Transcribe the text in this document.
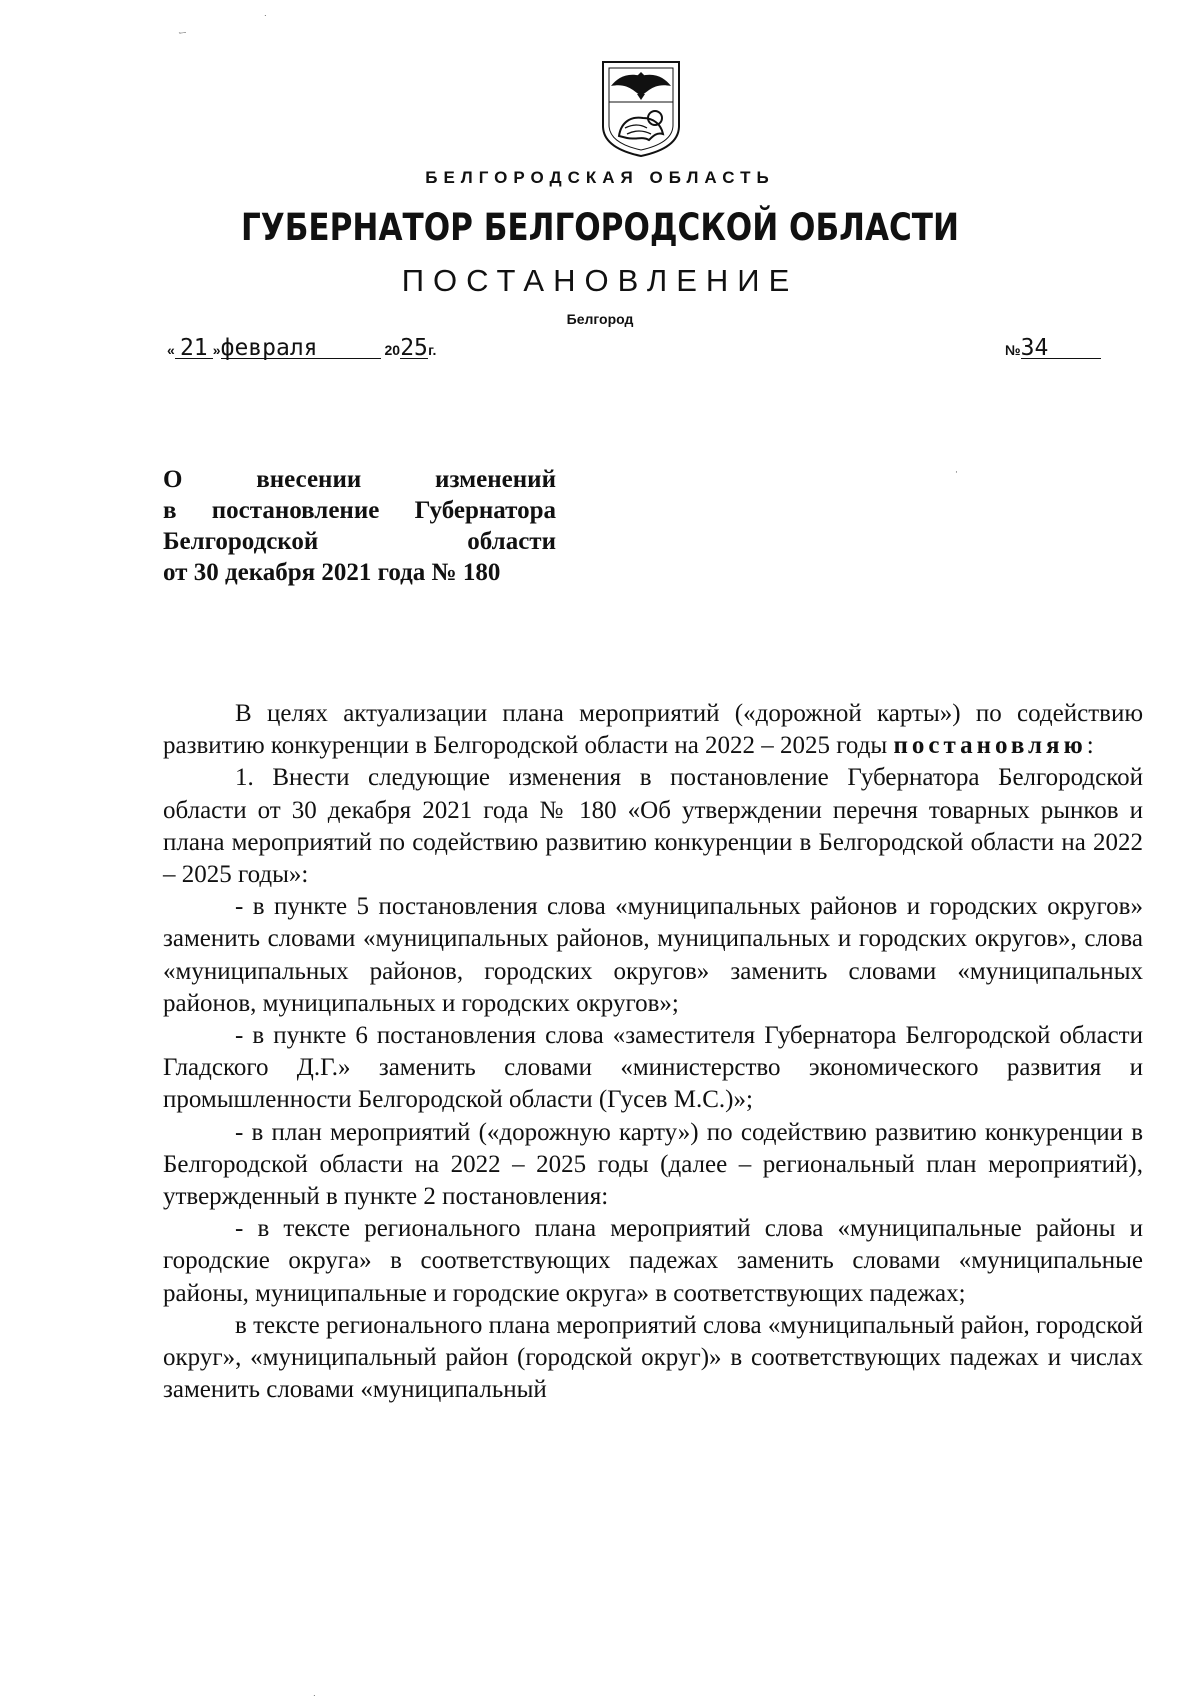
БЕЛГОРОДСКАЯ ОБЛАСТЬ
ГУБЕРНАТОР БЕЛГОРОДСКОЙ ОБЛАСТИ
ПОСТАНОВЛЕНИЕ
Белгород
« 21 »февраля	2025г.	№34
О внесении изменений
в постановление Губернатора
Белгородской области
от 30 декабря 2021 года № 180

В целях актуализации плана мероприятий («дорожной карты») по содействию развитию конкуренции в Белгородской области на 2022 – 2025 годы постановляю:

1. Внести следующие изменения в постановление Губернатора Белгородской области от 30 декабря 2021 года № 180 «Об утверждении перечня товарных рынков и плана мероприятий по содействию развитию конкуренции в Белгородской области на 2022 – 2025 годы»:

- в пункте 5 постановления слова «муниципальных районов и городских округов» заменить словами «муниципальных районов, муниципальных и городских округов», слова «муниципальных районов, городских округов» заменить словами «муниципальных районов, муниципальных и городских округов»;

- в пункте 6 постановления слова «заместителя Губернатора Белгородской области Гладского Д.Г.» заменить словами «министерство экономического развития и промышленности Белгородской области (Гусев М.С.)»;

- в план мероприятий («дорожную карту») по содействию развитию конкуренции в Белгородской области на 2022 – 2025 годы (далее – региональный план мероприятий), утвержденный в пункте 2 постановления:

- в тексте регионального плана мероприятий слова «муниципальные районы и городские округа» в соответствующих падежах заменить словами «муниципальные районы, муниципальные и городские округа» в соответствующих падежах;

в тексте регионального плана мероприятий слова «муниципальный район, городской округ», «муниципальный район (городской округ)» в соответствующих падежах и числах заменить словами «муниципальный

ー
ᐧ
·
ᐧ
